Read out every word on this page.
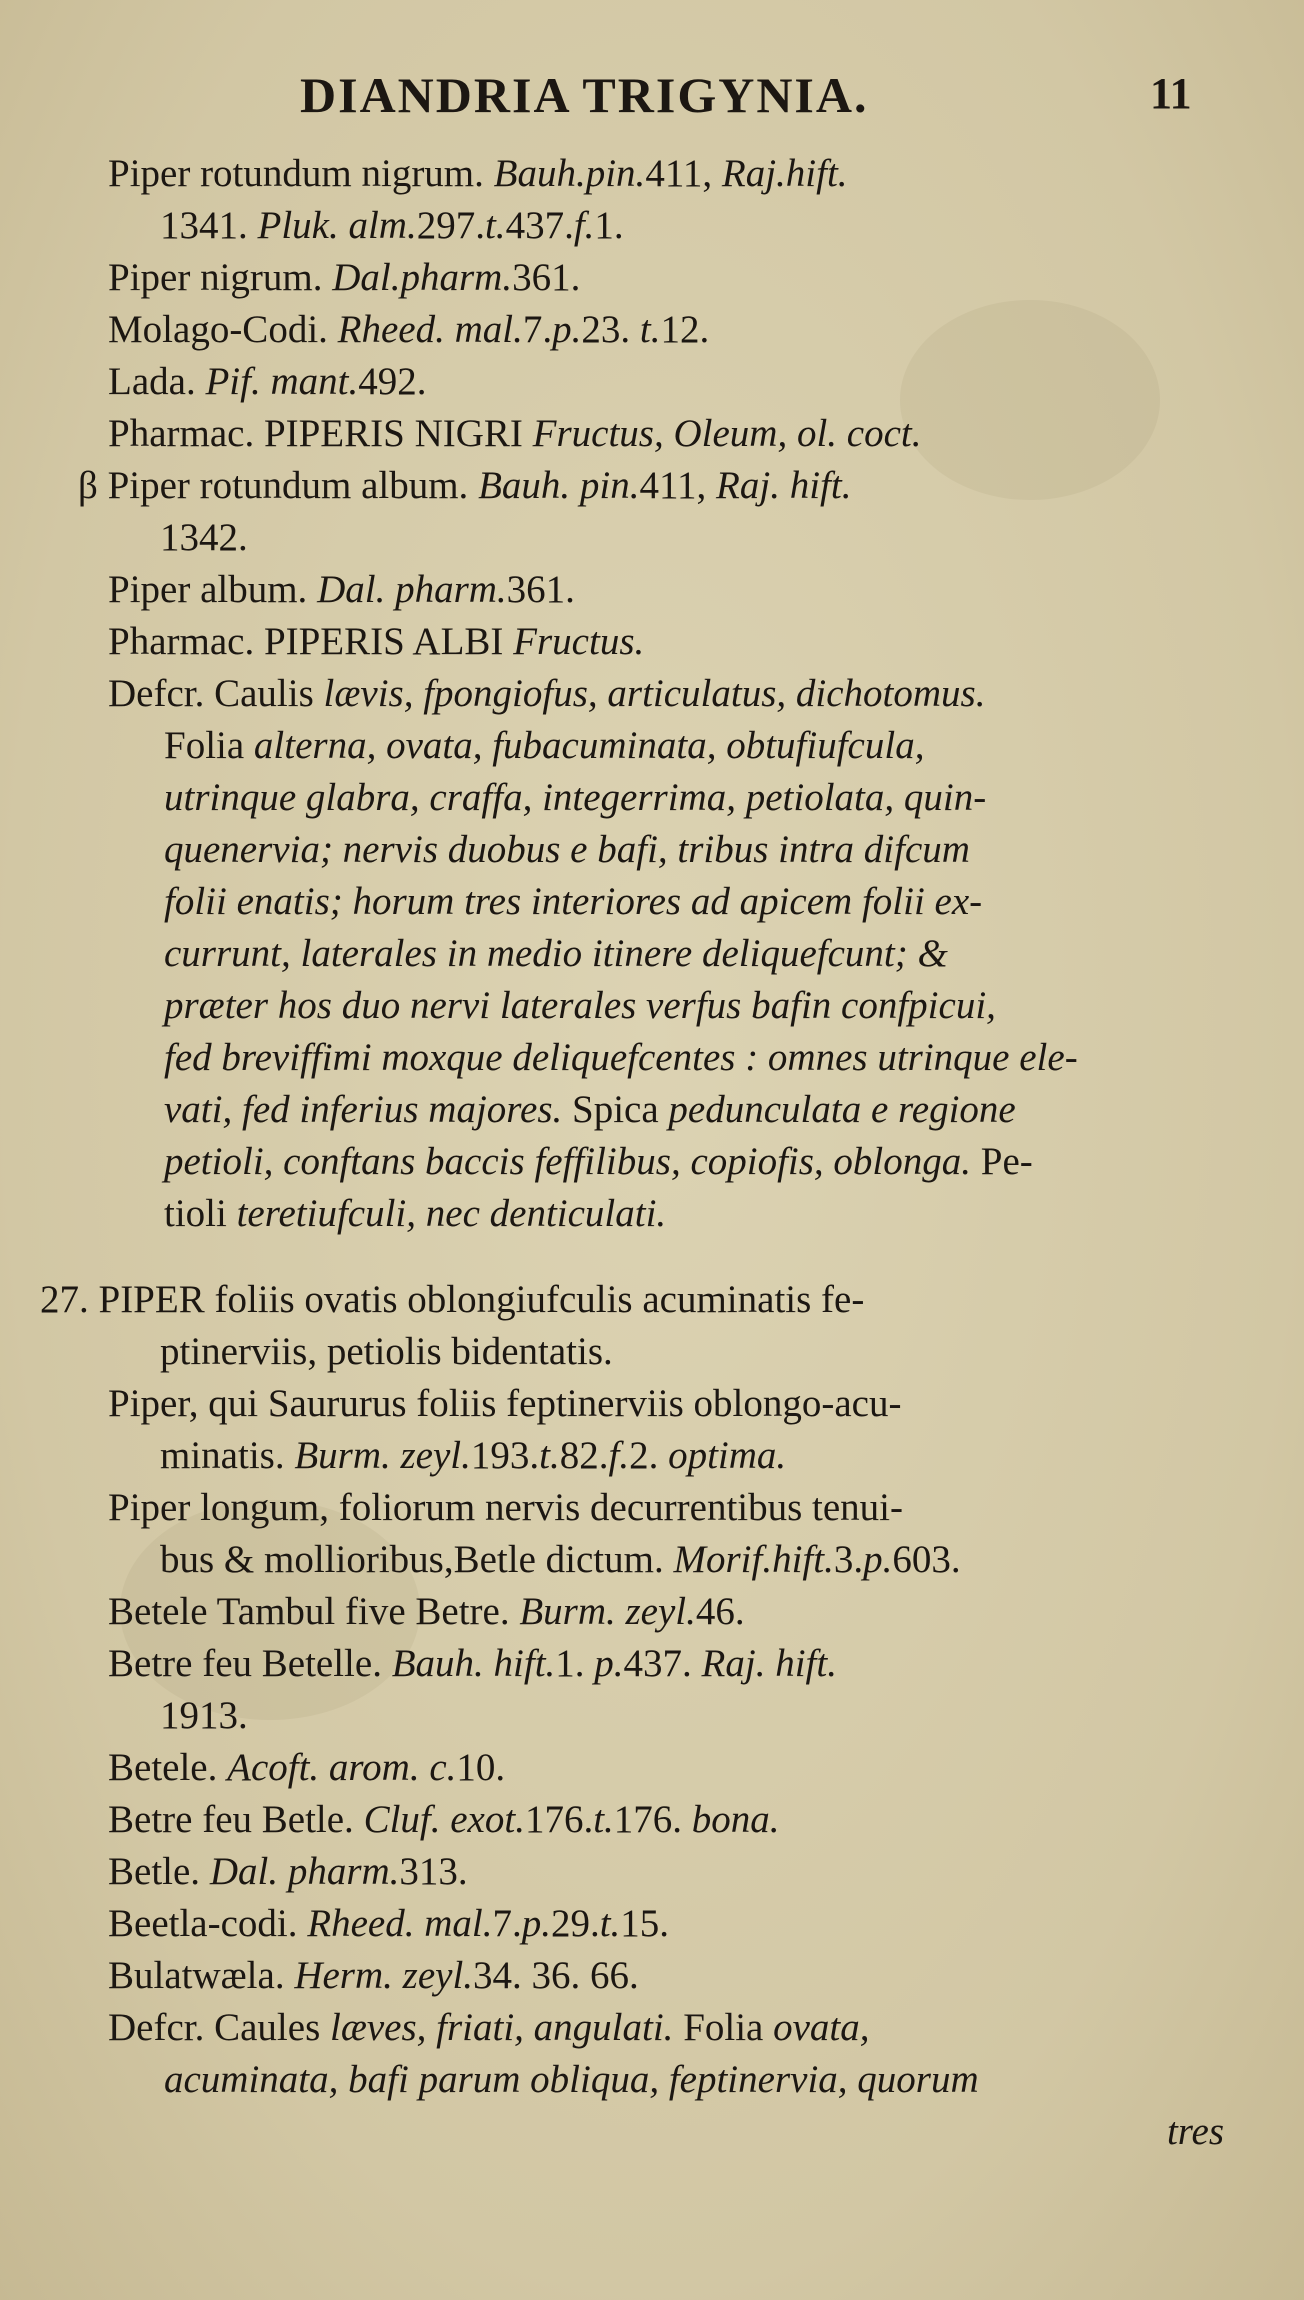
DIANDRIA TRIGYNIA.	11
Piper rotundum nigrum. Bauh.pin.411, Raj.hift.
1341. Pluk. alm.297.t.437.f.1.
Piper nigrum. Dal.pharm.361.
Molago-Codi. Rheed. mal.7.p.23. t.12.
Lada. Pif. mant.492.
Pharmac. PIPERIS NIGRI Fructus, Oleum, ol. coct.
β Piper rotundum album. Bauh. pin.411, Raj. hift.
1342.
Piper album. Dal. pharm.361.
Pharmac. PIPERIS ALBI Fructus.
Defcr. Caulis lævis, fpongiofus, articulatus, dichotomus.
Folia alterna, ovata, fubacuminata, obtufiufcula,
utrinque glabra, craffa, integerrima, petiolata, quin-
quenervia; nervis duobus e bafi, tribus intra difcum
folii enatis; horum tres interiores ad apicem folii ex-
currunt, laterales in medio itinere deliquefcunt; &
præter hos duo nervi laterales verfus bafin confpicui,
fed breviffimi moxque deliquefcentes : omnes utrinque ele-
vati, fed inferius majores. Spica pedunculata e regione
petioli, conftans baccis feffilibus, copiofis, oblonga. Pe-
tioli teretiufculi, nec denticulati.
27. PIPER foliis ovatis oblongiufculis acuminatis fe-
ptinerviis, petiolis bidentatis.
Piper, qui Saururus foliis feptinerviis oblongo-acu-
minatis. Burm. zeyl.193.t.82.f.2. optima.
Piper longum, foliorum nervis decurrentibus tenui-
bus & mollioribus,Betle dictum. Morif.hift.3.p.603.
Betele Tambul five Betre. Burm. zeyl.46.
Betre feu Betelle. Bauh. hift.1. p.437. Raj. hift.
1913.
Betele. Acoft. arom. c.10.
Betre feu Betle. Cluf. exot.176.t.176. bona.
Betle. Dal. pharm.313.
Beetla-codi. Rheed. mal.7.p.29.t.15.
Bulatwæla. Herm. zeyl.34. 36. 66.
Defcr. Caules læves, friati, angulati. Folia ovata,
acuminata, bafi parum obliqua, feptinervia, quorum
tres
